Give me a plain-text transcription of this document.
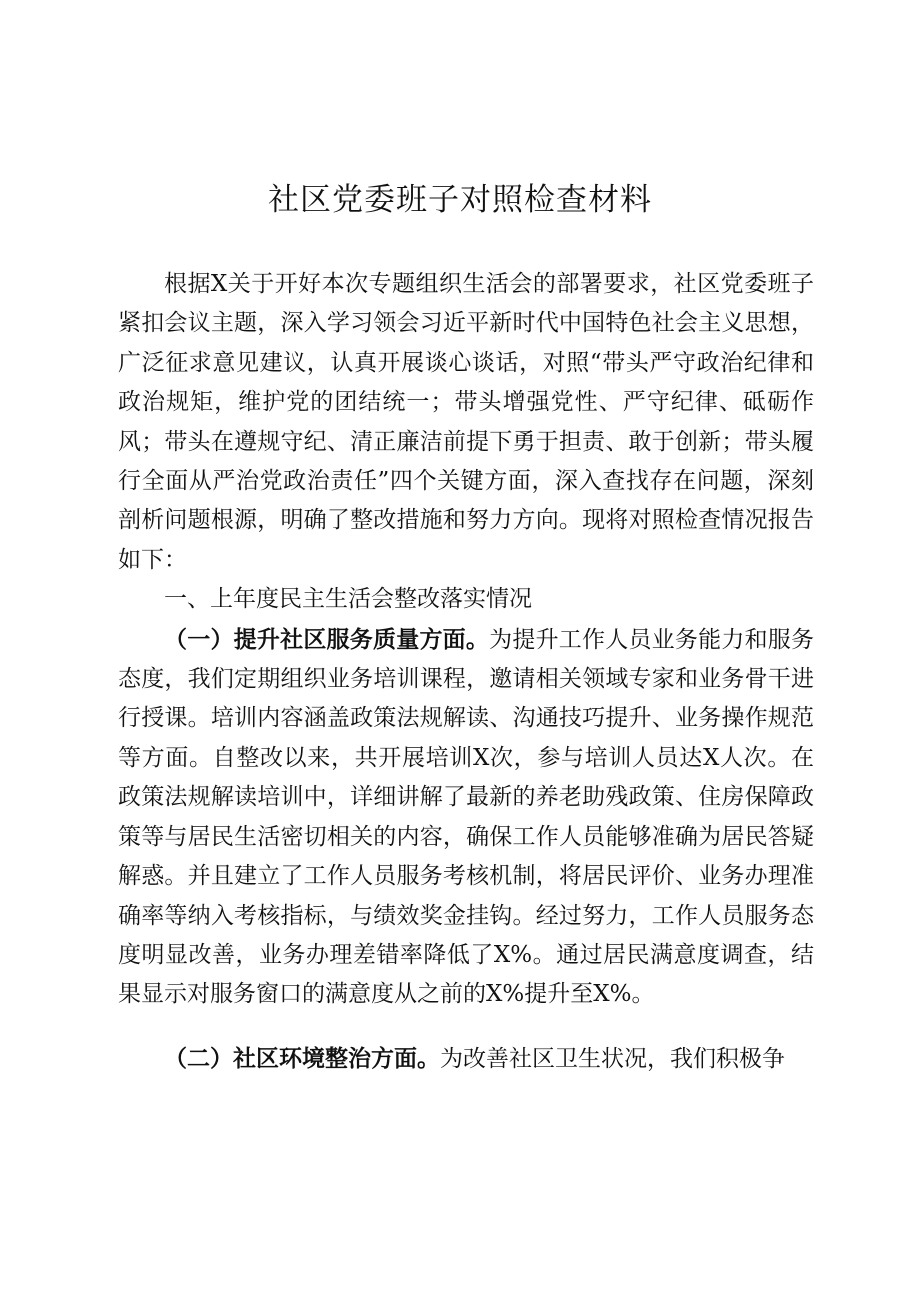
社区党委班子对照检查材料

根据X关于开好本次专题组织生活会的部署要求，社区党委班子紧扣会议主题，深入学习领会习近平新时代中国特色社会主义思想，广泛征求意见建议，认真开展谈心谈话，对照“带头严守政治纪律和政治规矩，维护党的团结统一；带头增强党性、严守纪律、砥砺作风；带头在遵规守纪、清正廉洁前提下勇于担责、敢于创新；带头履行全面从严治党政治责任”四个关键方面，深入查找存在问题，深刻剖析问题根源，明确了整改措施和努力方向。现将对照检查情况报告如下：

一、上年度民主生活会整改落实情况

（一）提升社区服务质量方面。为提升工作人员业务能力和服务态度，我们定期组织业务培训课程，邀请相关领域专家和业务骨干进行授课。培训内容涵盖政策法规解读、沟通技巧提升、业务操作规范等方面。自整改以来，共开展培训X次，参与培训人员达X人次。在政策法规解读培训中，详细讲解了最新的养老助残政策、住房保障政策等与居民生活密切相关的内容，确保工作人员能够准确为居民答疑解惑。并且建立了工作人员服务考核机制，将居民评价、业务办理准确率等纳入考核指标，与绩效奖金挂钩。经过努力，工作人员服务态度明显改善，业务办理差错率降低了X%。通过居民满意度调查，结果显示对服务窗口的满意度从之前的X%提升至X%。

（二）社区环境整治方面。为改善社区卫生状况，我们积极争
